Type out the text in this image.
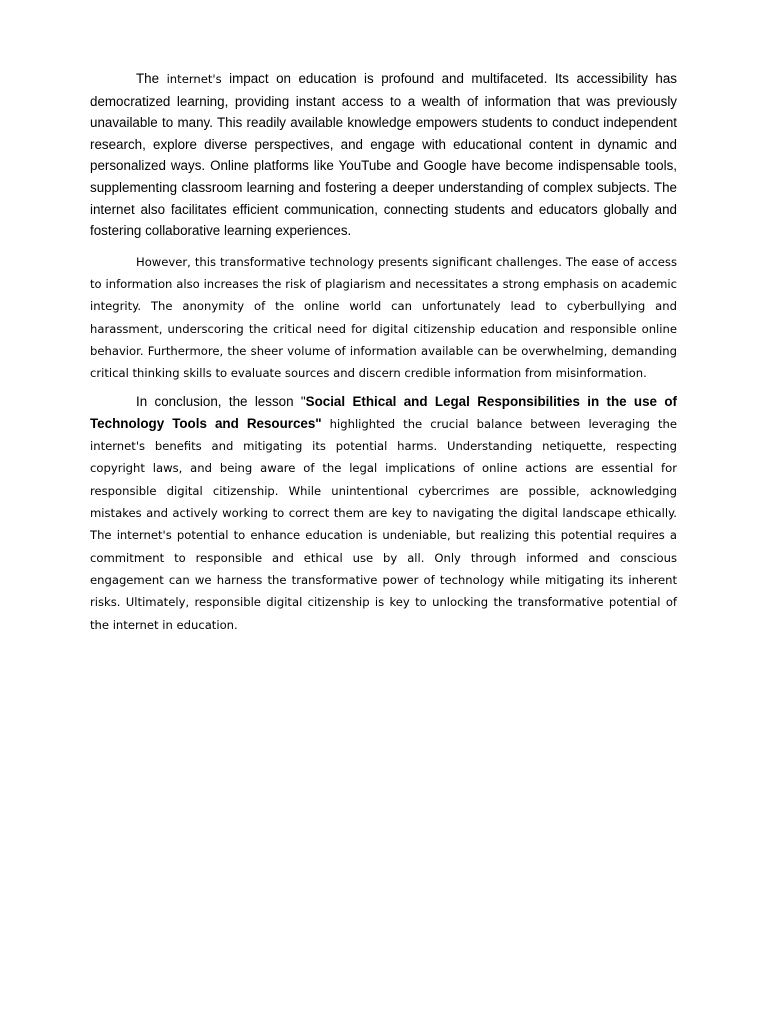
The internet's impact on education is profound and multifaceted. Its accessibility has democratized learning, providing instant access to a wealth of information that was previously unavailable to many. This readily available knowledge empowers students to conduct independent research, explore diverse perspectives, and engage with educational content in dynamic and personalized ways. Online platforms like YouTube and Google have become indispensable tools, supplementing classroom learning and fostering a deeper understanding of complex subjects. The internet also facilitates efficient communication, connecting students and educators globally and fostering collaborative learning experiences.

However, this transformative technology presents significant challenges. The ease of access to information also increases the risk of plagiarism and necessitates a strong emphasis on academic integrity. The anonymity of the online world can unfortunately lead to cyberbullying and harassment, underscoring the critical need for digital citizenship education and responsible online behavior. Furthermore, the sheer volume of information available can be overwhelming, demanding critical thinking skills to evaluate sources and discern credible information from misinformation.

In conclusion, the lesson "Social Ethical and Legal Responsibilities in the use of Technology Tools and Resources" highlighted the crucial balance between leveraging the internet's benefits and mitigating its potential harms. Understanding netiquette, respecting copyright laws, and being aware of the legal implications of online actions are essential for responsible digital citizenship. While unintentional cybercrimes are possible, acknowledging mistakes and actively working to correct them are key to navigating the digital landscape ethically. The internet's potential to enhance education is undeniable, but realizing this potential requires a commitment to responsible and ethical use by all. Only through informed and conscious engagement can we harness the transformative power of technology while mitigating its inherent risks. Ultimately, responsible digital citizenship is key to unlocking the transformative potential of the internet in education.
